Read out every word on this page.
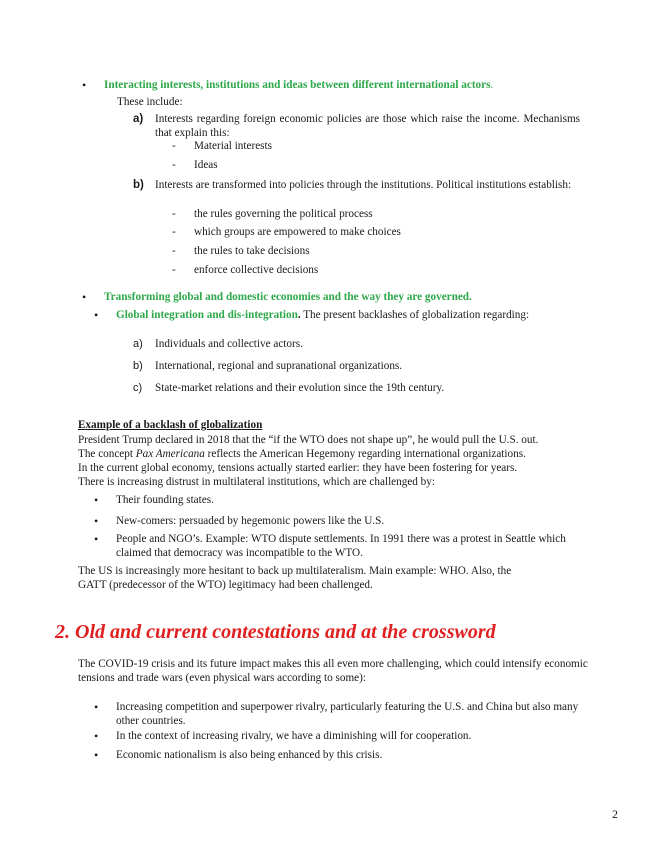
• Interacting interests, institutions and ideas between different international actors.
These include:
a) Interests regarding foreign economic policies are those which raise the income. Mechanisms that explain this:
- Material interests
- Ideas
b) Interests are transformed into policies through the institutions. Political institutions establish:
- the rules governing the political process
- which groups are empowered to make choices
- the rules to take decisions
- enforce collective decisions
• Transforming global and domestic economies and the way they are governed.
• Global integration and dis-integration. The present backlashes of globalization regarding:
a) Individuals and collective actors.
b) International, regional and supranational organizations.
c) State-market relations and their evolution since the 19th century.
Example of a backlash of globalization
President Trump declared in 2018 that the “if the WTO does not shape up”, he would pull the U.S. out.
The concept Pax Americana reflects the American Hegemony regarding international organizations.
In the current global economy, tensions actually started earlier: they have been fostering for years.
There is increasing distrust in multilateral institutions, which are challenged by:
• Their founding states.
• New-comers: persuaded by hegemonic powers like the U.S.
• People and NGO’s. Example: WTO dispute settlements. In 1991 there was a protest in Seattle which claimed that democracy was incompatible to the WTO.
The US is increasingly more hesitant to back up multilateralism. Main example: WHO. Also, the GATT (predecessor of the WTO) legitimacy had been challenged.
2. Old and current contestations and at the crossword
The COVID-19 crisis and its future impact makes this all even more challenging, which could intensify economic tensions and trade wars (even physical wars according to some):
• Increasing competition and superpower rivalry, particularly featuring the U.S. and China but also many other countries.
• In the context of increasing rivalry, we have a diminishing will for cooperation.
• Economic nationalism is also being enhanced by this crisis.
2
